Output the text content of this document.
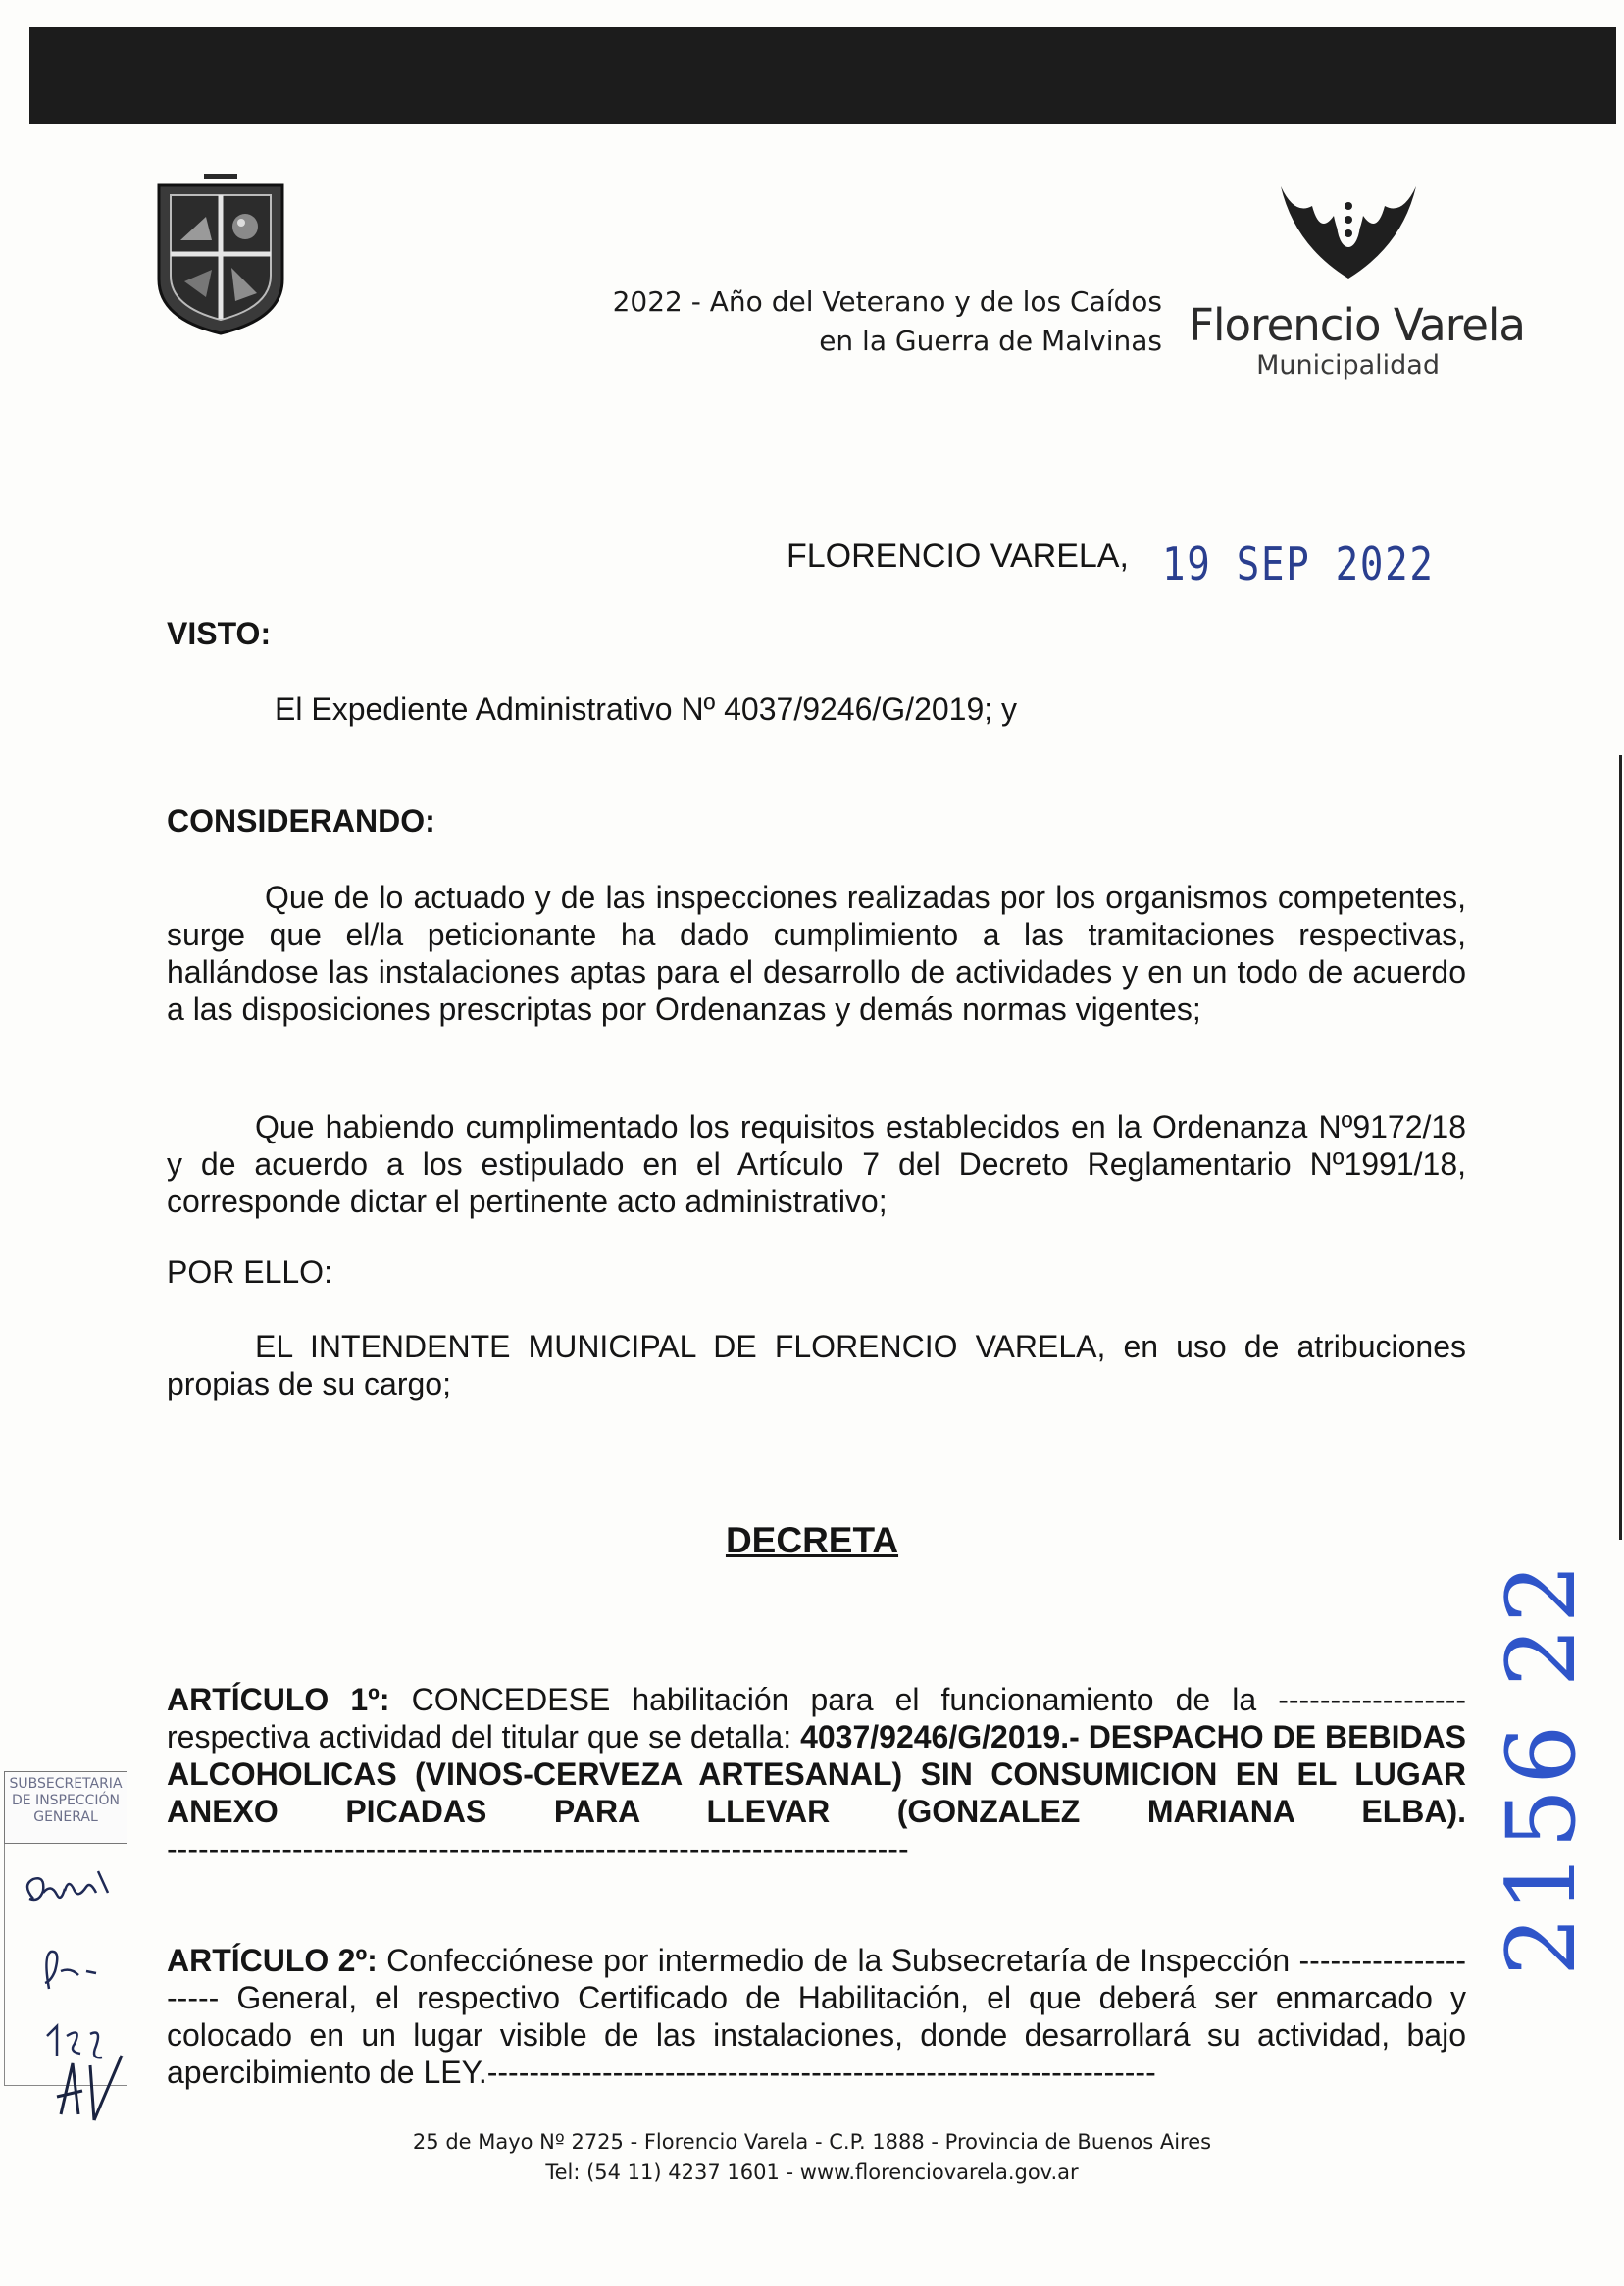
2022 - Año del Veterano y de los Caídos
en la Guerra de Malvinas Florencio Varela
Municipalidad
FLORENCIO VARELA, 19 SEP 2022

VISTO:

El Expediente Administrativo Nº 4037/9246/G/2019; y

CONSIDERANDO:

Que de lo actuado y de las inspecciones realizadas por los organismos competentes, surge que el/la peticionante ha dado cumplimiento a las tramitaciones respectivas, hallándose las instalaciones aptas para el desarrollo de actividades y en un todo de acuerdo a las disposiciones prescriptas por Ordenanzas y demás normas vigentes;

Que habiendo cumplimentado los requisitos establecidos en la Ordenanza Nº9172/18 y de acuerdo a los estipulado en el Artículo 7 del Decreto Reglamentario Nº1991/18, corresponde dictar el pertinente acto administrativo;

POR ELLO:

EL INTENDENTE MUNICIPAL DE FLORENCIO VARELA, en uso de atribuciones propias de su cargo;

DECRETA

ARTÍCULO 1º: CONCEDESE habilitación para el funcionamiento de la ------------------ respectiva actividad del titular que se detalla: 4037/9246/G/2019.- DESPACHO DE BEBIDAS ALCOHOLICAS (VINOS-CERVEZA ARTESANAL) SIN CONSUMICION EN EL LUGAR ANEXO PICADAS PARA LLEVAR (GONZALEZ MARIANA ELBA).-----------------------------------------------------------------------

ARTÍCULO 2º: Confecciónese por intermedio de la Subsecretaría de Inspección --------------------- General, el respectivo Certificado de Habilitación, el que deberá ser enmarcado y colocado en un lugar visible de las instalaciones, donde desarrollará su actividad, bajo apercibimiento de LEY.----------------------------------------------------------------

2156 22
SUBSECRETARIA
DE INSPECCIÓN
GENERAL
25 de Mayo Nº 2725 - Florencio Varela - C.P. 1888 - Provincia de Buenos Aires
Tel: (54 11) 4237 1601 - www.florenciovarela.gov.ar
